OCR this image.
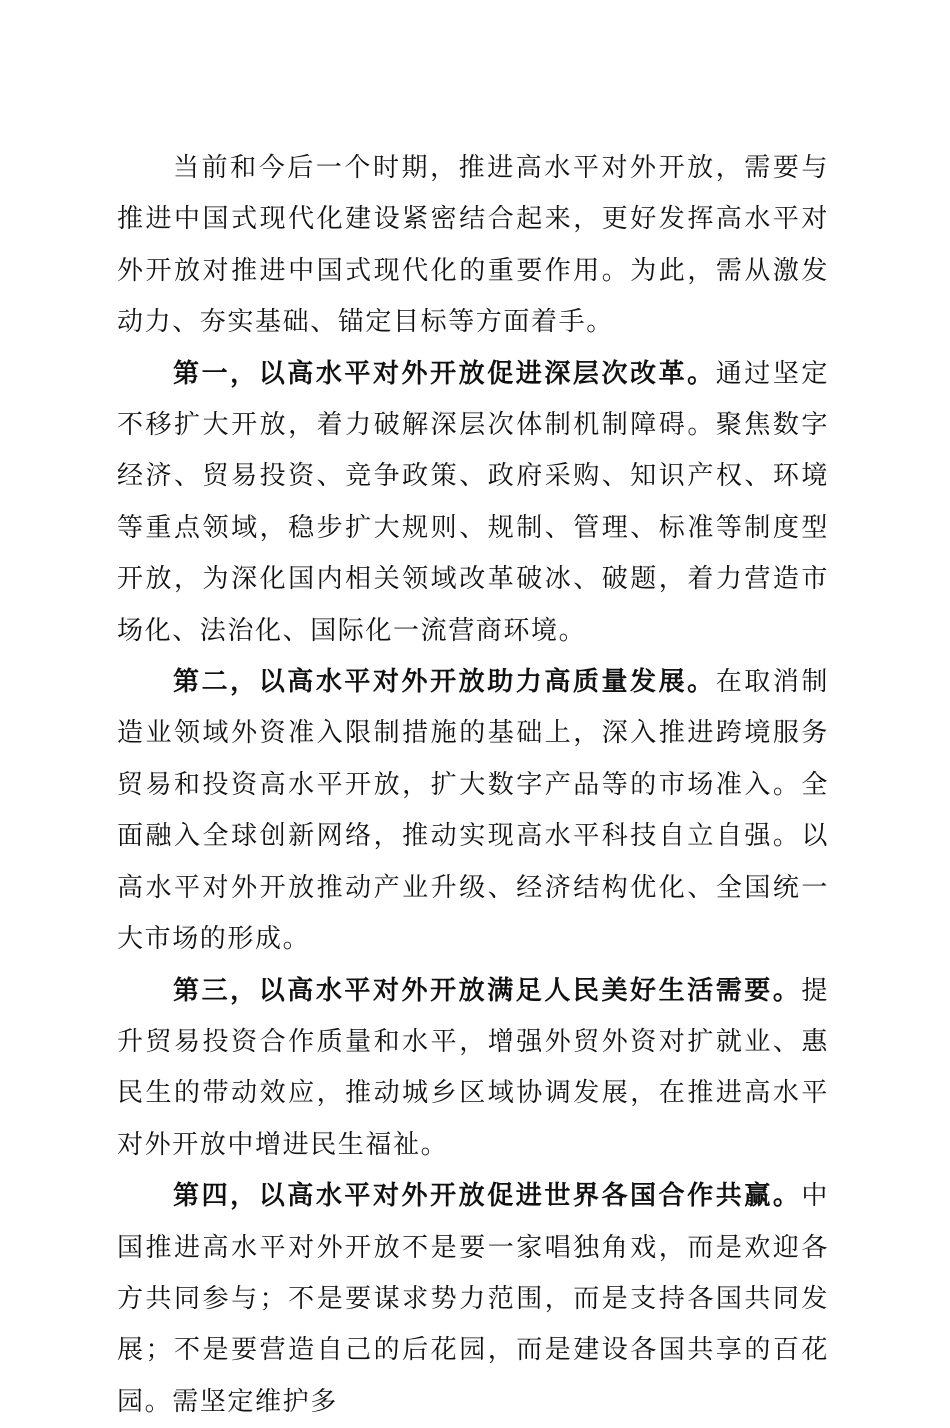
当前和今后一个时期，推进高水平对外开放，需要与推进中国式现代化建设紧密结合起来，更好发挥高水平对外开放对推进中国式现代化的重要作用。为此，需从激发动力、夯实基础、锚定目标等方面着手。

第一，以高水平对外开放促进深层次改革。通过坚定不移扩大开放，着力破解深层次体制机制障碍。聚焦数字经济、贸易投资、竞争政策、政府采购、知识产权、环境等重点领域，稳步扩大规则、规制、管理、标准等制度型开放，为深化国内相关领域改革破冰、破题，着力营造市场化、法治化、国际化一流营商环境。

第二，以高水平对外开放助力高质量发展。在取消制造业领域外资准入限制措施的基础上，深入推进跨境服务贸易和投资高水平开放，扩大数字产品等的市场准入。全面融入全球创新网络，推动实现高水平科技自立自强。以高水平对外开放推动产业升级、经济结构优化、全国统一大市场的形成。

第三，以高水平对外开放满足人民美好生活需要。提升贸易投资合作质量和水平，增强外贸外资对扩就业、惠民生的带动效应，推动城乡区域协调发展，在推进高水平对外开放中增进民生福祉。

第四，以高水平对外开放促进世界各国合作共赢。中国推进高水平对外开放不是要一家唱独角戏，而是欢迎各方共同参与；不是要谋求势力范围，而是支持各国共同发展；不是要营造自己的后花园，而是建设各国共享的百花园。需坚定维护多
